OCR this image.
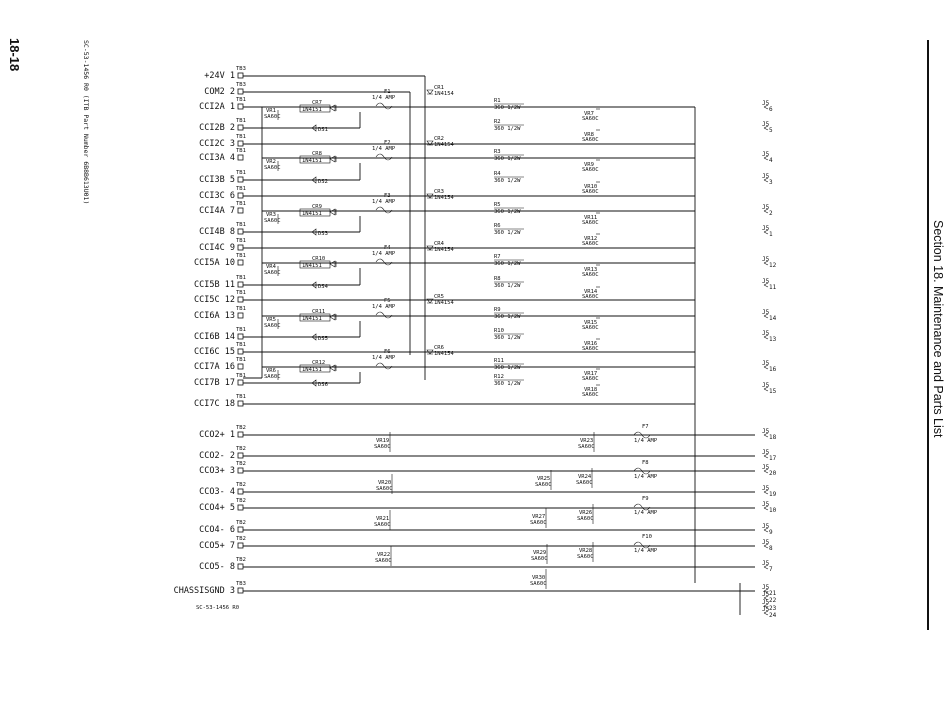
18-18	SC-53-1456 R0 (ITB Part Number 6B8B613U01)
Section 18. Maintenance and Parts List
+24V 1
TB3
COM2 2
TB3
CCI2A 1
TB1
CCI2B 2
TB1
CCI2C 3
TB1
CCI3A 4
TB1
CCI3B 5
TB1
CCI3C 6
TB1
CCI4A 7
TB1
CCI4B 8
TB1
CCI4C 9
TB1
CCI5A 10
TB1
CCI5B 11
TB1
CCI5C 12
TB1
CCI6A 13
TB1
CCI6B 14
TB1
CCI6C 15
TB1
CCI7A 16
TB1
CCI7B 17
TB1
CCI7C 18
TB1
CCO2+ 1
TB2
CCO2- 2
TB2
CCO3+ 3
TB2
CCO3- 4
TB2
CCO4+ 5
TB2
CCO4- 6
TB2
CCO5+ 7
TB2
CCO5- 8
TB2
CHASSISGND 3
TB3
J5
6
J5
5
J5
4
J5
3
J5
2
J5
1
J5
12
J5
11
J5
14
J5
13
J5
16
J5
15
J5
18
J5
17
J5
20
J5
19
J5
10
J5
9
J5
8
J5
7
J5
21
J5
22
J5
23
J5
24
VR1
SA60C
CR7
1N4151
DS1
VR2
SA60C
CR8
1N4151
DS2
VR3
SA60C
CR9
1N4151
DS3
VR4
SA60C
CR10
1N4151
DS4
VR5
SA60C
CR11
1N4151
DS5
VR6
SA60C
CR12
1N4151
DS6
F1
1/4 AMP
CR1
1N4154
F2
1/4 AMP
CR2
1N4154
F3
1/4 AMP
CR3
1N4154
F4
1/4 AMP
CR4
1N4154
F5
1/4 AMP
CR5
1N4154
F6
1/4 AMP
CR6
1N4154
R1
360 1/2W
VR7
SA60C
R2
360 1/2W
VR8
SA60C
R3
360 1/2W
VR9
SA60C
R4
360 1/2W
VR10
SA60C
R5
360 1/2W
VR11
SA60C
R6
360 1/2W
VR12
SA60C
R7
360 1/2W
VR13
SA60C
R8
360 1/2W
VR14
SA60C
R9
360 1/2W
VR15
SA60C
R10
360 1/2W
VR16
SA60C
R11
360 1/2W
VR17
SA60C
R12
360 1/2W
VR18
SA60C
VR19
SA60C
VR20
SA60C
VR21
SA60C
VR22
SA60C
VR23
SA60C
VR24
SA60C
VR25
SA60C
VR26
SA60C
VR27
SA60C
VR28
SA60C
VR29
SA60C
VR30
SA60C
F7
1/4 AMP
F8
1/4 AMP
F9
1/4 AMP
F10
1/4 AMP
SC-53-1456 R0
